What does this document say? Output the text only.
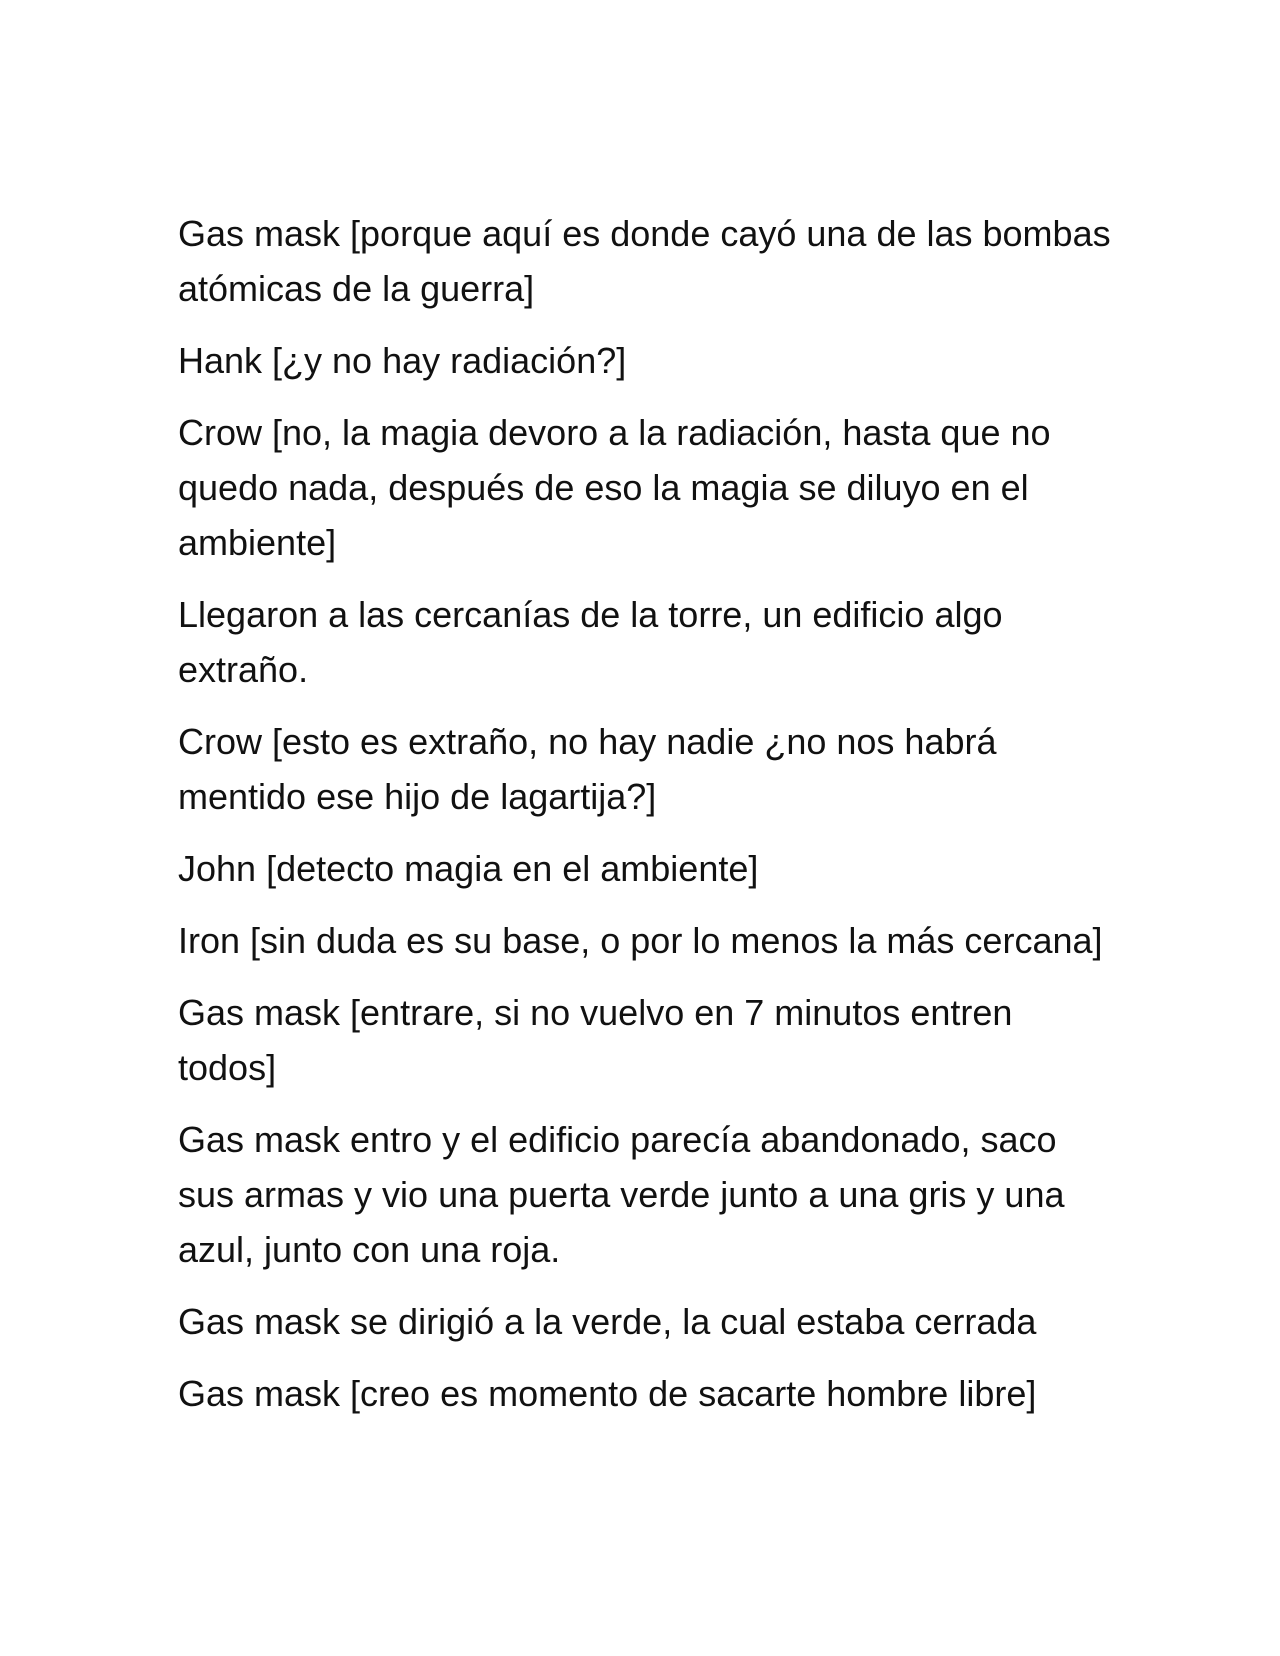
Gas mask [porque aquí es donde cayó una de las bombas atómicas de la guerra]

Hank [¿y no hay radiación?]

Crow [no, la magia devoro a la radiación, hasta que no quedo nada, después de eso la magia se diluyo en el ambiente]

Llegaron a las cercanías de la torre, un edificio algo extraño.

Crow [esto es extraño, no hay nadie ¿no nos habrá mentido ese hijo de lagartija?]

John [detecto magia en el ambiente]

Iron [sin duda es su base, o por lo menos la más cercana]

Gas mask [entrare, si no vuelvo en 7 minutos entren todos]

Gas mask entro y el edificio parecía abandonado, saco sus armas y vio una puerta verde junto a una gris y una azul, junto con una roja.

Gas mask se dirigió a la verde, la cual estaba cerrada

Gas mask [creo es momento de sacarte hombre libre]
